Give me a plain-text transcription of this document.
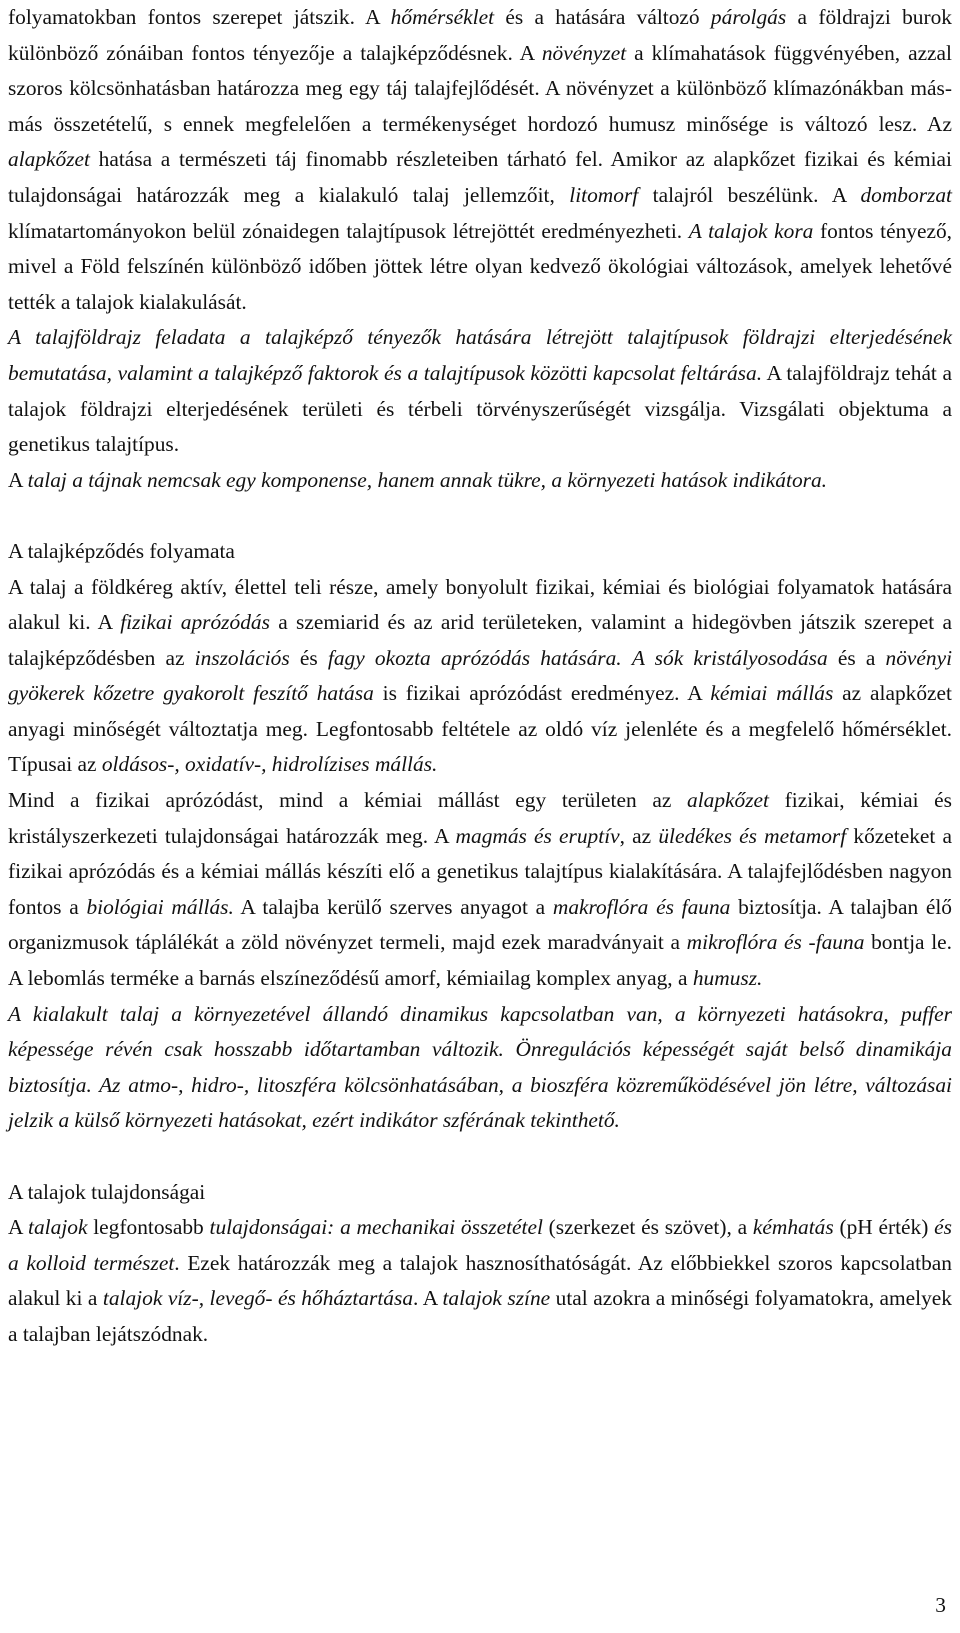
folyamatokban fontos szerepet játszik. A hőmérséklet és a hatására változó párolgás a földrajzi burok különböző zónáiban fontos tényezője a talajképződésnek. A növényzet a klímahatások függvényében, azzal szoros kölcsönhatásban határozza meg egy táj talajfejlődését. A növényzet a különböző klímazónákban más-más összetételű, s ennek megfelelően a termékenységet hordozó humusz minősége is változó lesz. Az alapkőzet hatása a természeti táj finomabb részleteiben tárható fel. Amikor az alapkőzet fizikai és kémiai tulajdonságai határozzák meg a kialakuló talaj jellemzőit, litomorf talajról beszélünk. A domborzat klímatartományokon belül zónaidegen talajtípusok létrejöttét eredményezheti. A talajok kora fontos tényező, mivel a Föld felszínén különböző időben jöttek létre olyan kedvező ökológiai változások, amelyek lehetővé tették a talajok kialakulását.

A talajföldrajz feladata a talajképző tényezők hatására létrejött talajtípusok földrajzi elterjedésének bemutatása, valamint a talajképző faktorok és a talajtípusok közötti kapcsolat feltárása. A talajföldrajz tehát a talajok földrajzi elterjedésének területi és térbeli törvényszerűségét vizsgálja. Vizsgálati objektuma a genetikus talajtípus.

A talaj a tájnak nemcsak egy komponense, hanem annak tükre, a környezeti hatások indikátora.

A talajképződés folyamata

A talaj a földkéreg aktív, élettel teli része, amely bonyolult fizikai, kémiai és biológiai folyamatok hatására alakul ki. A fizikai aprózódás a szemiarid és az arid területeken, valamint a hidegövben játszik szerepet a talajképződésben az inszolációs és fagy okozta aprózódás hatására. A sók kristályosodása és a növényi gyökerek kőzetre gyakorolt feszítő hatása is fizikai aprózódást eredményez. A kémiai mállás az alapkőzet anyagi minőségét változtatja meg. Legfontosabb feltétele az oldó víz jelenléte és a megfelelő hőmérséklet. Típusai az oldásos-, oxidatív-, hidrolízises mállás.

Mind a fizikai aprózódást, mind a kémiai mállást egy területen az alapkőzet fizikai, kémiai és kristályszerkezeti tulajdonságai határozzák meg. A magmás és eruptív, az üledékes és metamorf kőzeteket a fizikai aprózódás és a kémiai mállás készíti elő a genetikus talajtípus kialakítására. A talajfejlődésben nagyon fontos a biológiai mállás. A talajba kerülő szerves anyagot a makroflóra és fauna biztosítja. A talajban élő organizmusok táplálékát a zöld növényzet termeli, majd ezek maradványait a mikroflóra és -fauna bontja le. A lebomlás terméke a barnás elszíneződésű amorf, kémiailag komplex anyag, a humusz.

A kialakult talaj a környezetével állandó dinamikus kapcsolatban van, a környezeti hatásokra, puffer képessége révén csak hosszabb időtartamban változik. Önregulációs képességét saját belső dinamikája biztosítja. Az atmo-, hidro-, litoszféra kölcsönhatásában, a bioszféra közreműködésével jön létre, változásai jelzik a külső környezeti hatásokat, ezért indikátor szférának tekinthető.

A talajok tulajdonságai

A talajok legfontosabb tulajdonságai: a mechanikai összetétel (szerkezet és szövet), a kémhatás (pH érték) és a kolloid természet. Ezek határozzák meg a talajok hasznosíthatóságát. Az előbbiekkel szoros kapcsolatban alakul ki a talajok víz-, levegő- és hőháztartása. A talajok színe utal azokra a minőségi folyamatokra, amelyek a talajban lejátszódnak.

3
